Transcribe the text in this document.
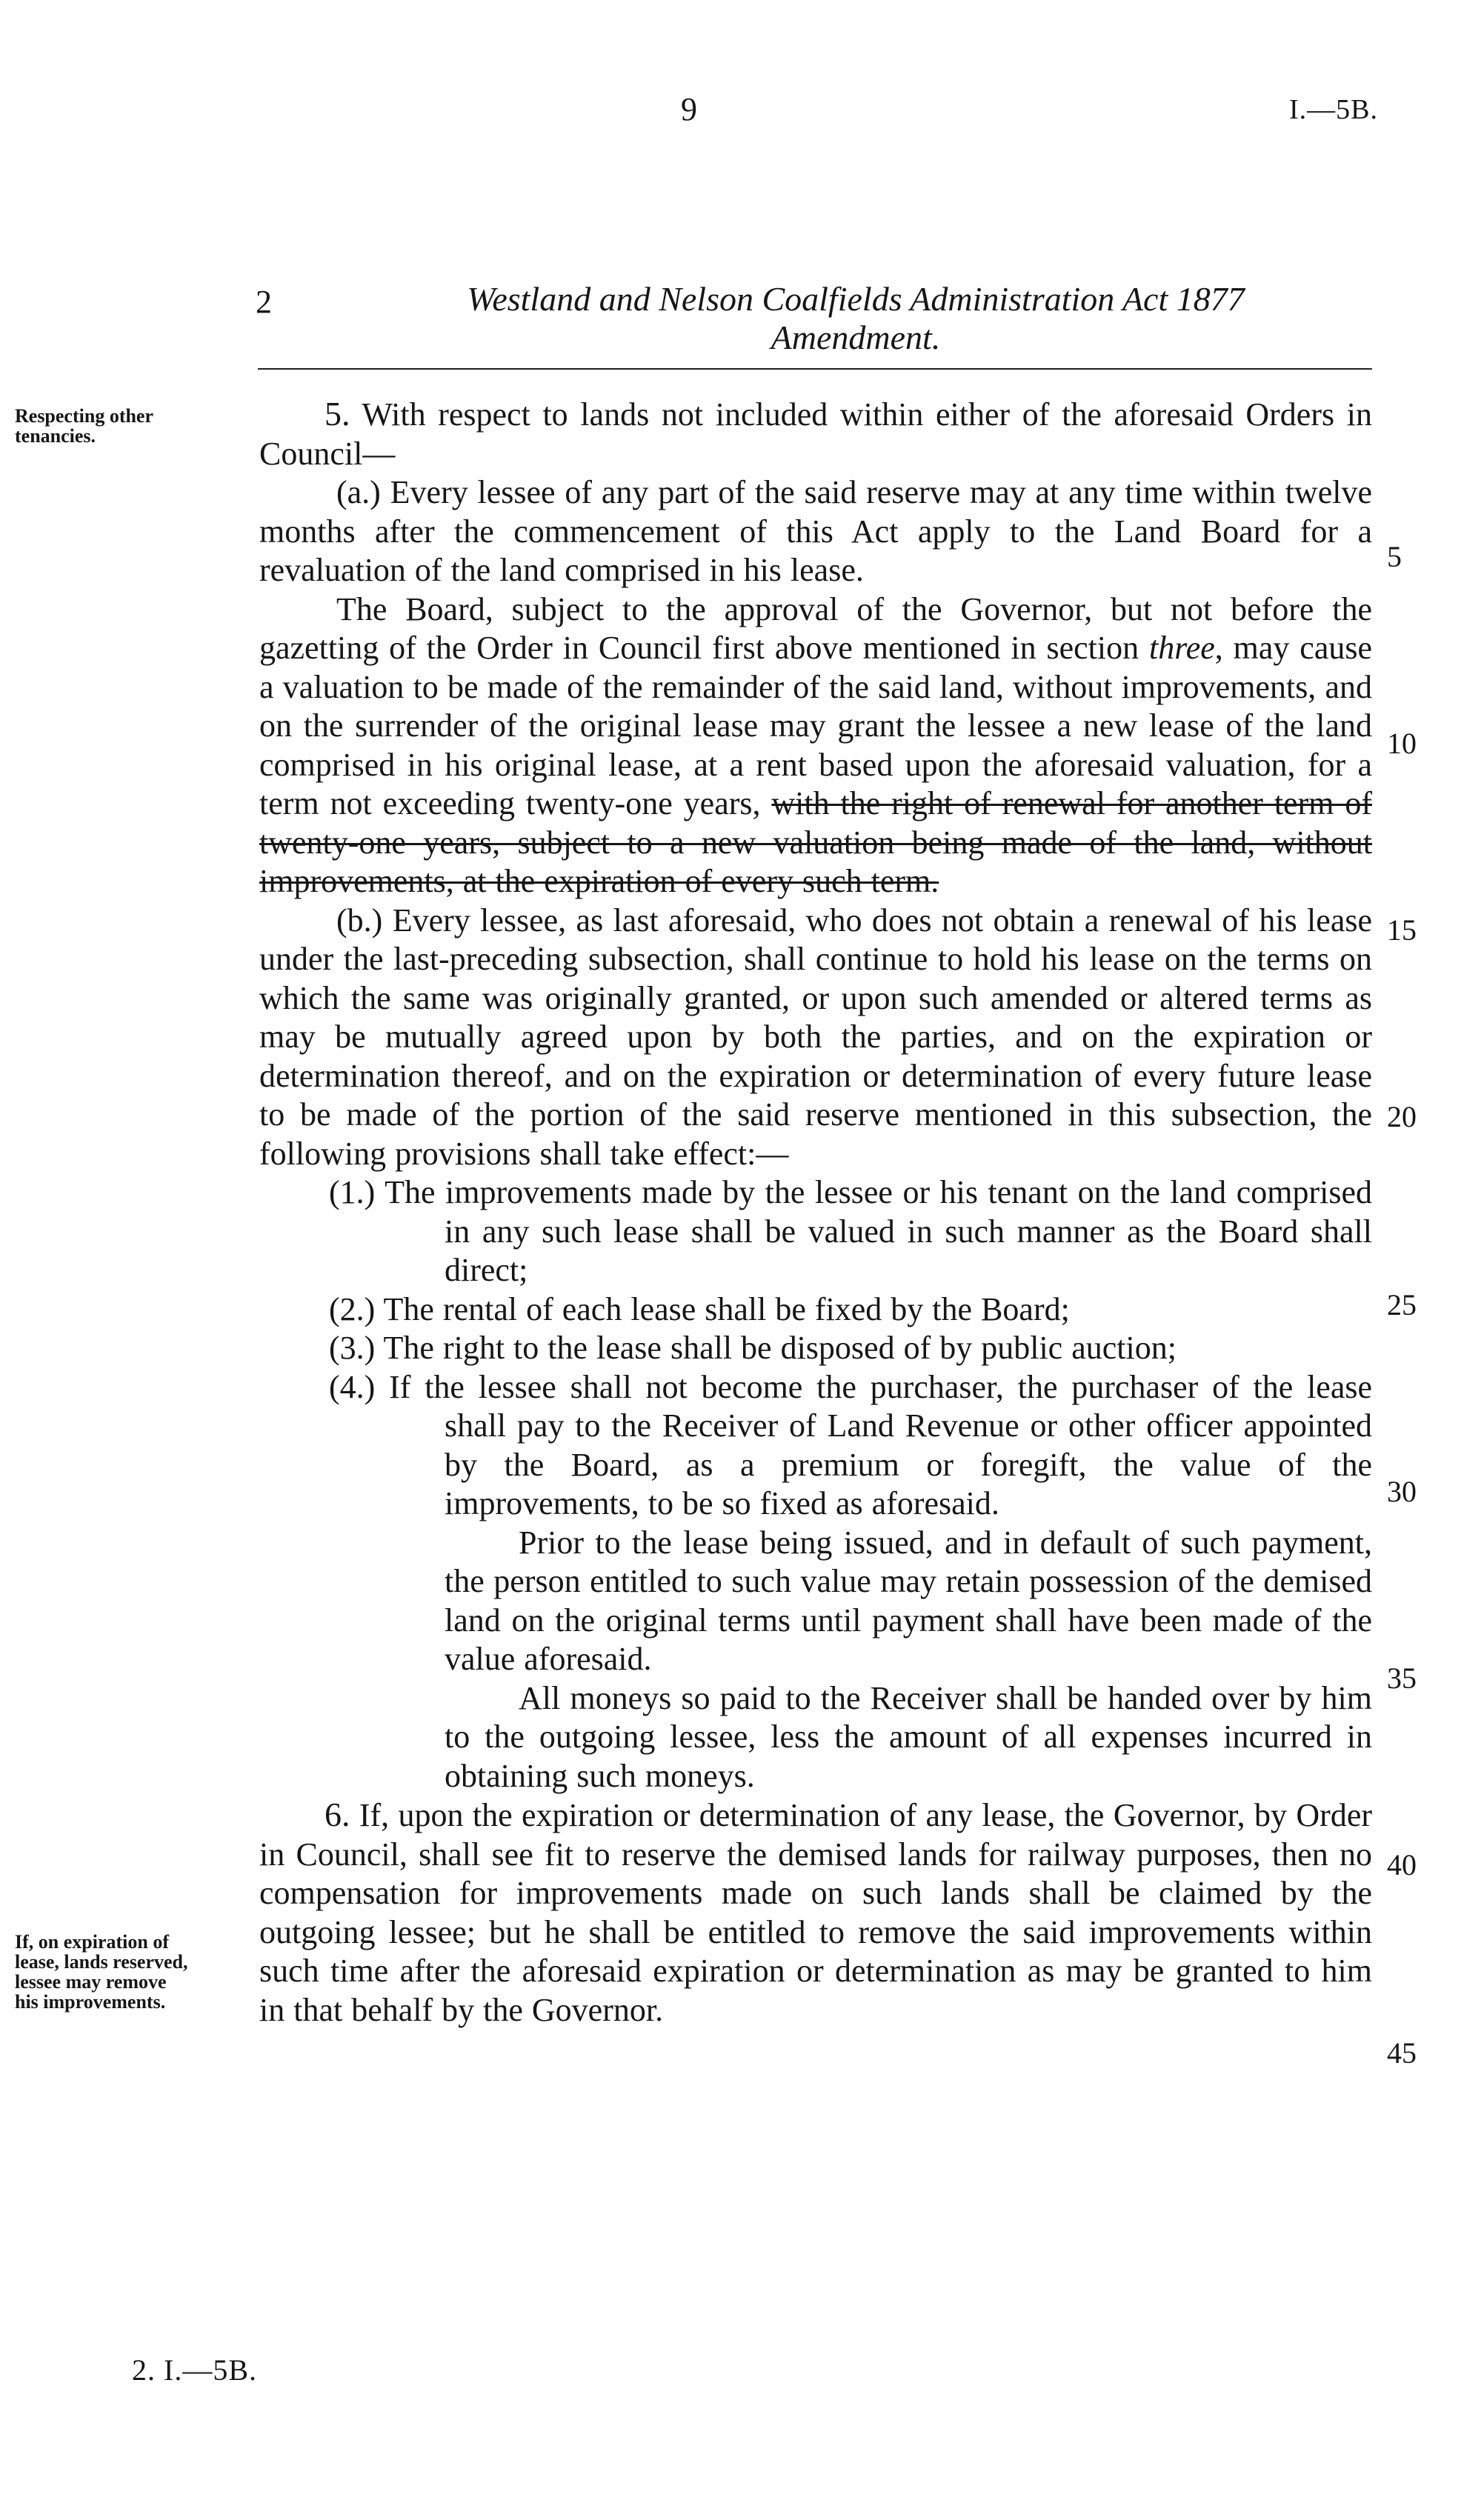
9	I.—5B.
2	Westland and Nelson Coalfields Administration Act 1877
Amendment.
Respecting other
tenancies.
If, on expiration of
lease, lands reserved,
lessee may remove
his improvements.

5. With respect to lands not included within either of the aforesaid Orders in Council—

(a.) Every lessee of any part of the said reserve may at any time within twelve months after the commencement of this Act apply to the Land Board for a revaluation of the land comprised in his lease.

The Board, subject to the approval of the Governor, but not before the gazetting of the Order in Council first above mentioned in section three, may cause a valuation to be made of the remainder of the said land, without improvements, and on the surrender of the original lease may grant the lessee a new lease of the land comprised in his original lease, at a rent based upon the aforesaid valuation, for a term not exceeding twenty-one years, with the right of renewal for another term of twenty-one years, subject to a new valuation being made of the land, without improvements, at the expiration of every such term.

(b.) Every lessee, as last aforesaid, who does not obtain a renewal of his lease under the last-preceding subsection, shall continue to hold his lease on the terms on which the same was originally granted, or upon such amended or altered terms as may be mutually agreed upon by both the parties, and on the expiration or determination thereof, and on the expiration or determination of every future lease to be made of the portion of the said reserve mentioned in this subsection, the following provisions shall take effect:—

(1.) The improvements made by the lessee or his tenant on the land comprised in any such lease shall be valued in such manner as the Board shall direct;

(2.) The rental of each lease shall be fixed by the Board;

(3.) The right to the lease shall be disposed of by public auction;

(4.) If the lessee shall not become the purchaser, the purchaser of the lease shall pay to the Receiver of Land Revenue or other officer appointed by the Board, as a premium or foregift, the value of the improvements, to be so fixed as aforesaid.

Prior to the lease being issued, and in default of such payment, the person entitled to such value may retain possession of the demised land on the original terms until payment shall have been made of the value aforesaid.

All moneys so paid to the Receiver shall be handed over by him to the outgoing lessee, less the amount of all expenses incurred in obtaining such moneys.

6. If, upon the expiration or determination of any lease, the Governor, by Order in Council, shall see fit to reserve the demised lands for railway purposes, then no compensation for improvements made on such lands shall be claimed by the outgoing lessee; but he shall be entitled to remove the said improvements within such time after the aforesaid expiration or determination as may be granted to him in that behalf by the Governor.

5
10
15
20
25
30
35
40
45
2. I.—5B.
